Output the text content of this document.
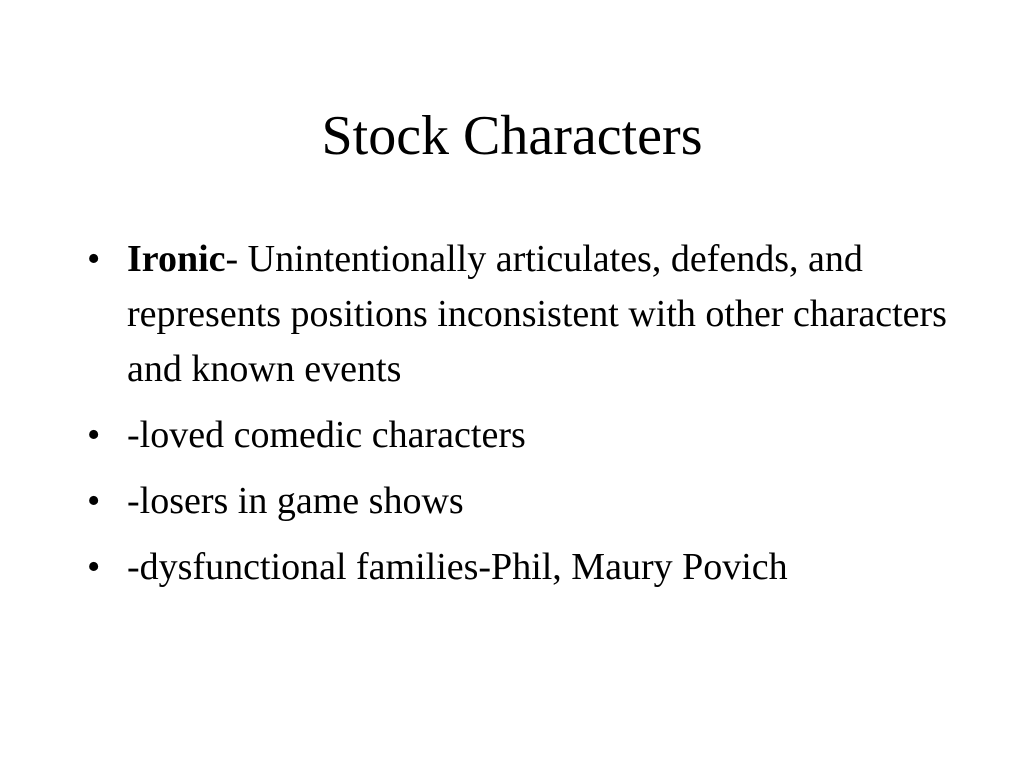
Stock Characters
• Ironic- Unintentionally articulates, defends, and represents positions inconsistent with other characters and known events
• -loved comedic characters
• -losers in game shows
• -dysfunctional families-Phil, Maury Povich
